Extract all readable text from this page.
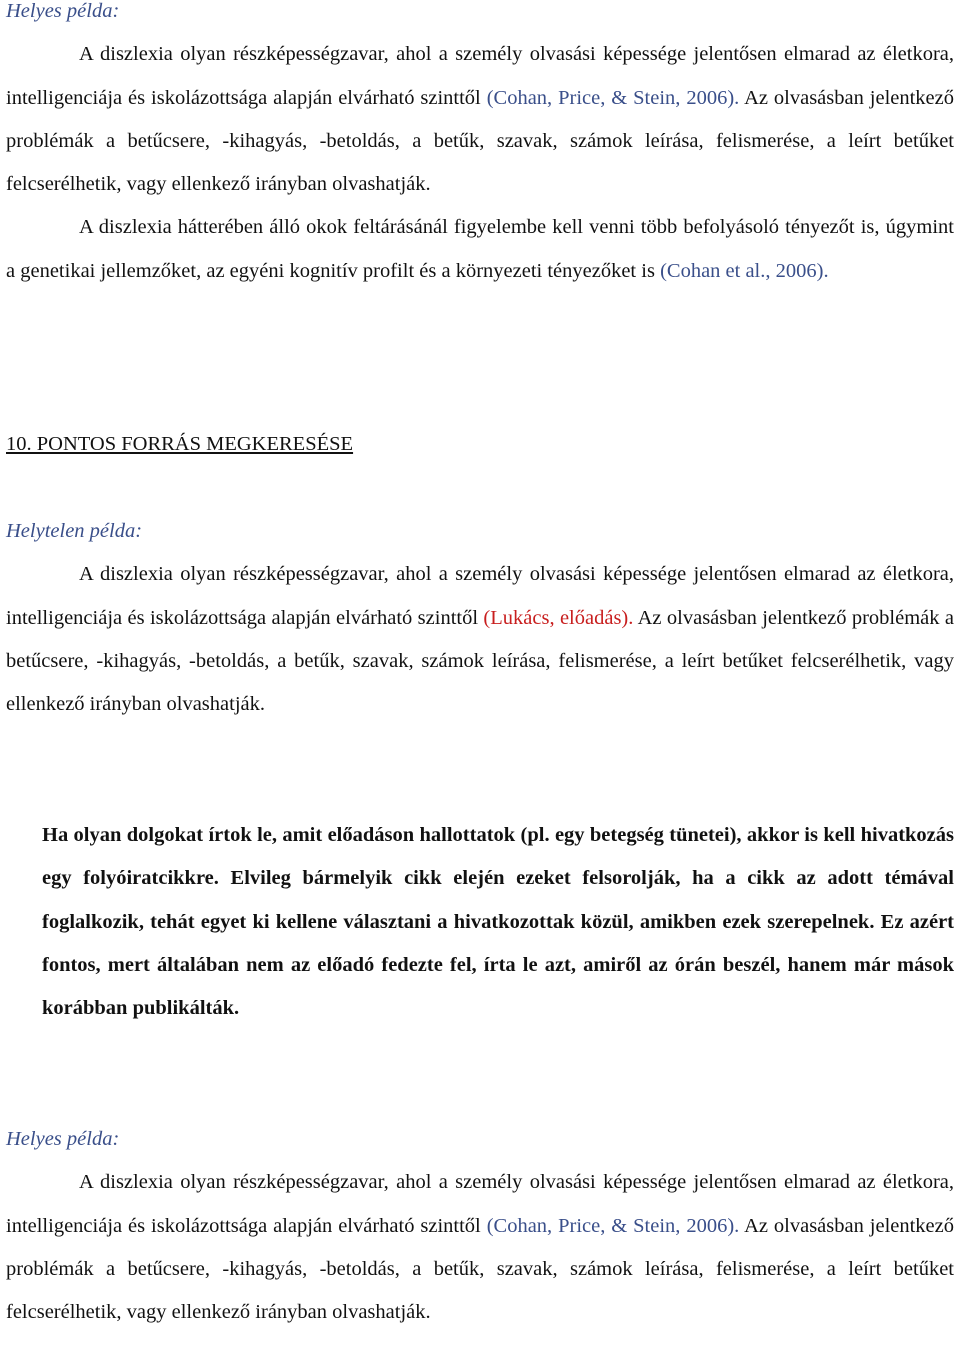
Helyes példa:

A diszlexia olyan részképességzavar, ahol a személy olvasási képessége jelentősen elmarad az életkora, intelligenciája és iskolázottsága alapján elvárható szinttől (Cohan, Price, & Stein, 2006). Az olvasásban jelentkező problémák a betűcsere, -kihagyás, -betoldás, a betűk, szavak, számok leírása, felismerése, a leírt betűket felcserélhetik, vagy ellenkező irányban olvashatják.

A diszlexia hátterében álló okok feltárásánál figyelembe kell venni több befolyásoló tényezőt is, úgymint a genetikai jellemzőket, az egyéni kognitív profilt és a környezeti tényezőket is (Cohan et al., 2006).

10. PONTOS FORRÁS MEGKERESÉSE

Helytelen példa:

A diszlexia olyan részképességzavar, ahol a személy olvasási képessége jelentősen elmarad az életkora, intelligenciája és iskolázottsága alapján elvárható szinttől (Lukács, előadás). Az olvasásban jelentkező problémák a betűcsere, -kihagyás, -betoldás, a betűk, szavak, számok leírása, felismerése, a leírt betűket felcserélhetik, vagy ellenkező irányban olvashatják.

Ha olyan dolgokat írtok le, amit előadáson hallottatok (pl. egy betegség tünetei), akkor is kell hivatkozás egy folyóiratcikkre. Elvileg bármelyik cikk elején ezeket felsorolják, ha a cikk az adott témával foglalkozik, tehát egyet ki kellene választani a hivatkozottak közül, amikben ezek szerepelnek. Ez azért fontos, mert általában nem az előadó fedezte fel, írta le azt, amiről az órán beszél, hanem már mások korábban publikálták.

Helyes példa:

A diszlexia olyan részképességzavar, ahol a személy olvasási képessége jelentősen elmarad az életkora, intelligenciája és iskolázottsága alapján elvárható szinttől (Cohan, Price, & Stein, 2006). Az olvasásban jelentkező problémák a betűcsere, -kihagyás, -betoldás, a betűk, szavak, számok leírása, felismerése, a leírt betűket felcserélhetik, vagy ellenkező irányban olvashatják.
